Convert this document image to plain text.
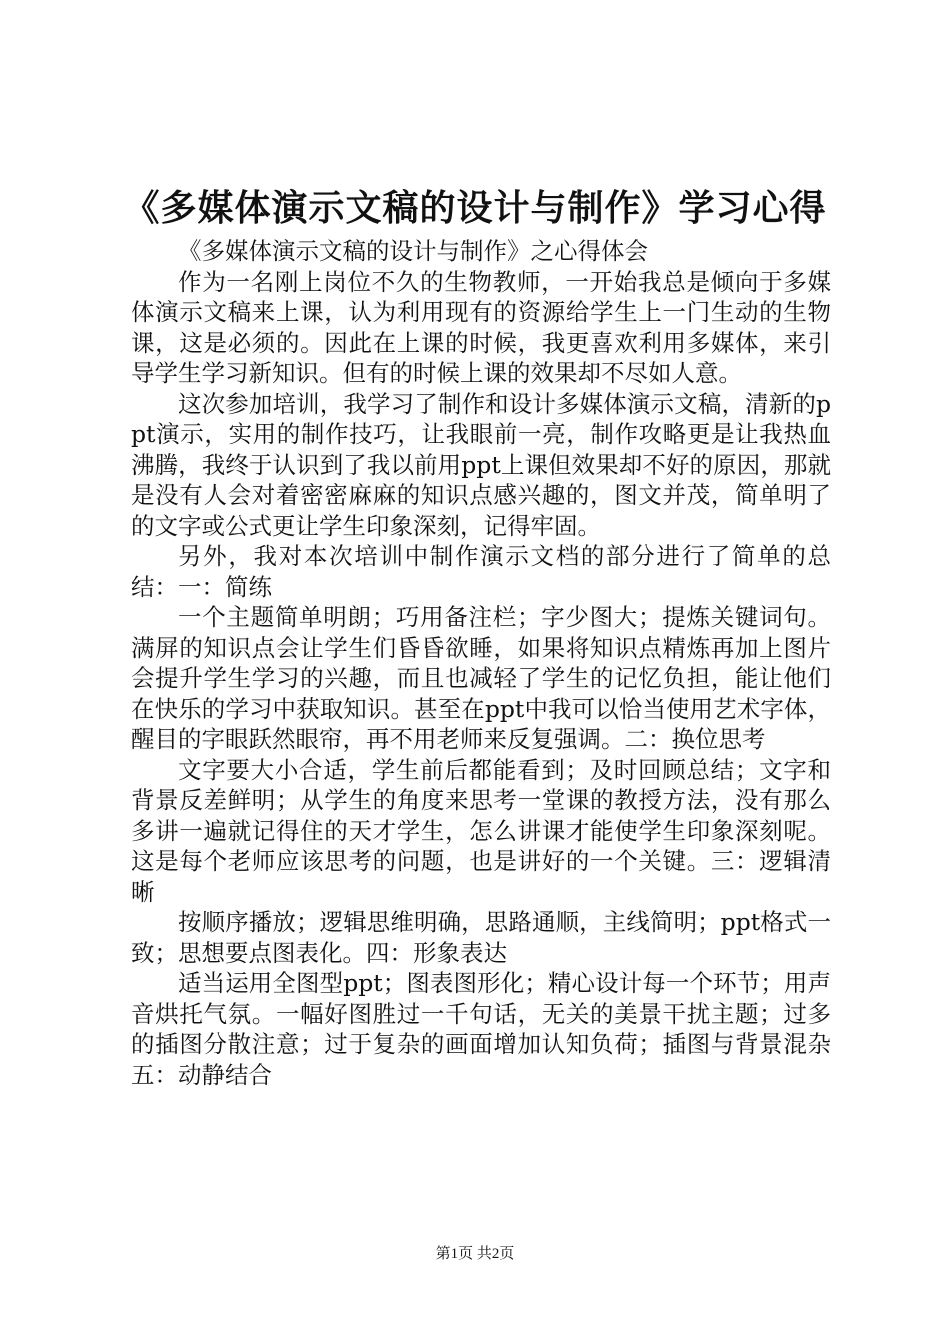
《多媒体演示文稿的设计与制作》学习心得

《多媒体演示文稿的设计与制作》之心得体会

作为一名刚上岗位不久的生物教师，一开始我总是倾向于多媒体演示文稿来上课，认为利用现有的资源给学生上一门生动的生物课，这是必须的。因此在上课的时候，我更喜欢利用多媒体，来引导学生学习新知识。但有的时候上课的效果却不尽如人意。

这次参加培训，我学习了制作和设计多媒体演示文稿，清新的ppt演示，实用的制作技巧，让我眼前一亮，制作攻略更是让我热血沸腾，我终于认识到了我以前用ppt上课但效果却不好的原因，那就是没有人会对着密密麻麻的知识点感兴趣的，图文并茂，简单明了的文字或公式更让学生印象深刻，记得牢固。

另外，我对本次培训中制作演示文档的部分进行了简单的总结：一：简练

一个主题简单明朗；巧用备注栏；字少图大；提炼关键词句。满屏的知识点会让学生们昏昏欲睡，如果将知识点精炼再加上图片会提升学生学习的兴趣，而且也减轻了学生的记忆负担，能让他们在快乐的学习中获取知识。甚至在ppt中我可以恰当使用艺术字体，醒目的字眼跃然眼帘，再不用老师来反复强调。二：换位思考

文字要大小合适，学生前后都能看到；及时回顾总结；文字和背景反差鲜明；从学生的角度来思考一堂课的教授方法，没有那么多讲一遍就记得住的天才学生，怎么讲课才能使学生印象深刻呢。这是每个老师应该思考的问题，也是讲好的一个关键。三：逻辑清晰

按顺序播放；逻辑思维明确，思路通顺，主线简明；ppt格式一致；思想要点图表化。四：形象表达

适当运用全图型ppt；图表图形化；精心设计每一个环节；用声音烘托气氛。一幅好图胜过一千句话，无关的美景干扰主题；过多的插图分散注意；过于复杂的画面增加认知负荷；插图与背景混杂五：动静结合

第1页 共2页
